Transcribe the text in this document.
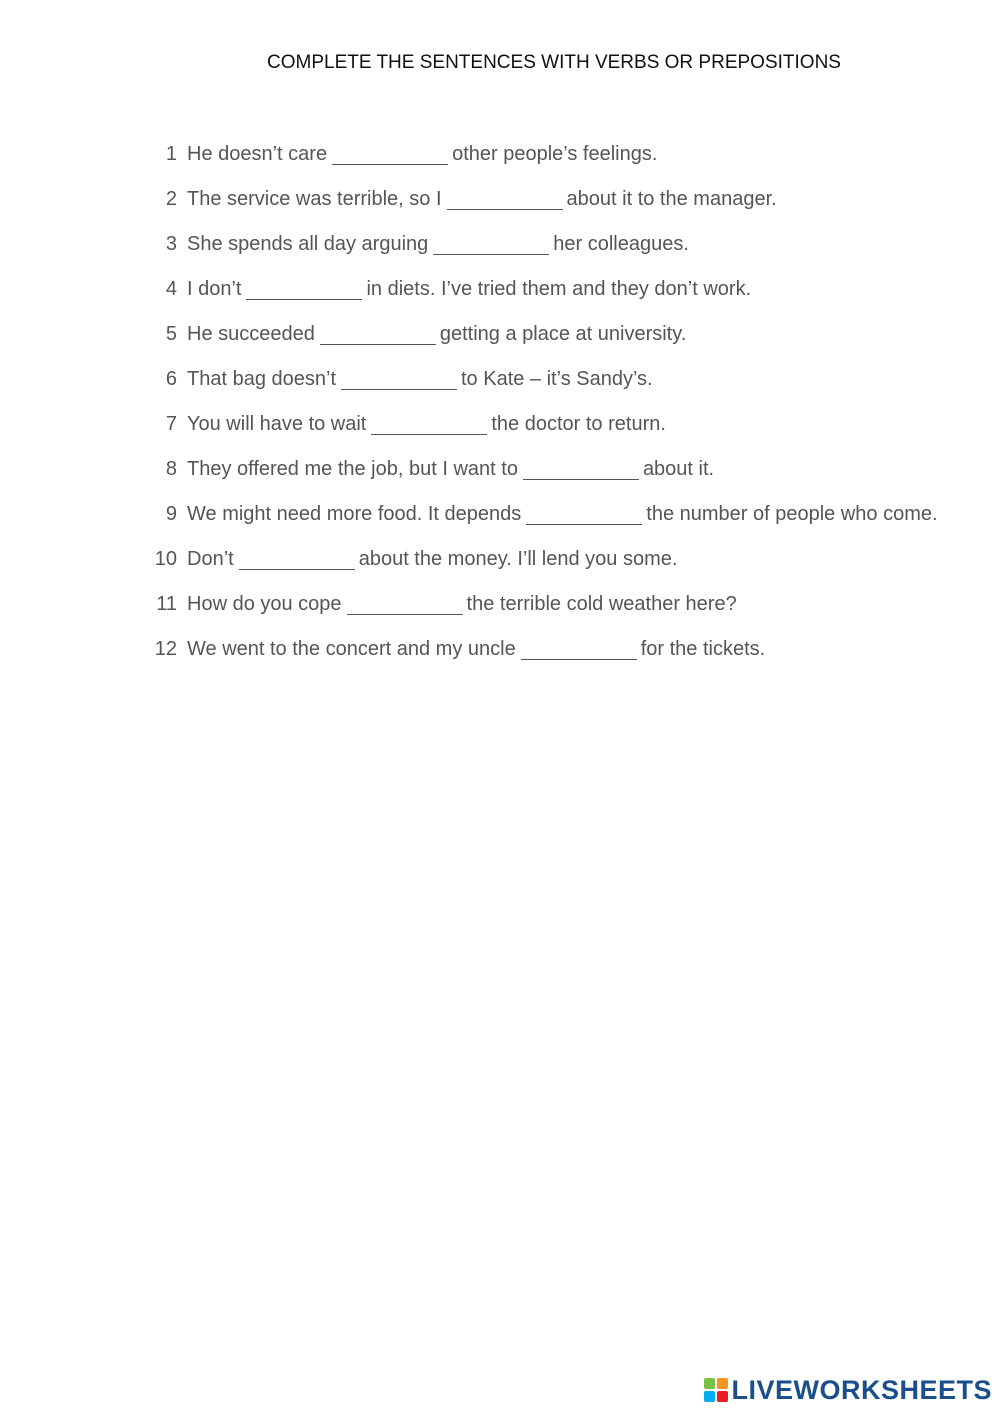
COMPLETE THE SENTENCES WITH VERBS OR PREPOSITIONS
1 He doesn’t care	other people’s feelings.
2 The service was terrible, so I	about it to the manager.
3 She spends all day arguing	her colleagues.
4 I don’t	in diets. I’ve tried them and they don’t work.
5 He succeeded	getting a place at university.
6 That bag doesn’t	to Kate – it’s Sandy’s.
7 You will have to wait	the doctor to return.
8 They offered me the job, but I want to	about it.
9 We might need more food. It depends	the number of people who come.
10 Don’t	about the money. I’ll lend you some.
11 How do you cope	the terrible cold weather here?
12 We went to the concert and my uncle	for the tickets.
LIVEWORKSHEETS
